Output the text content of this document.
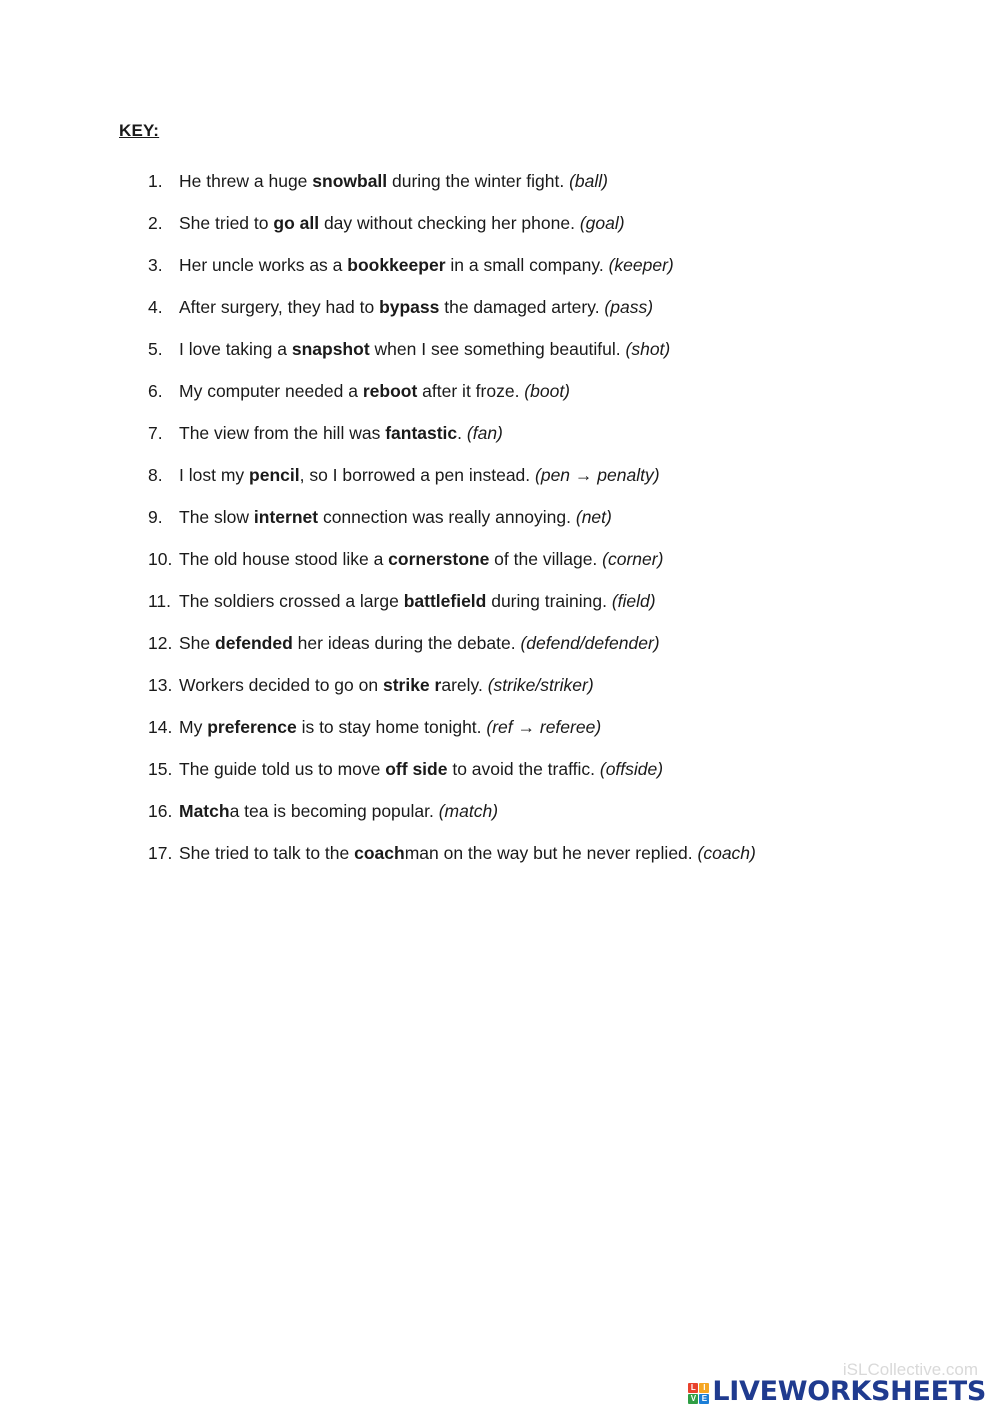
KEY:
1. He threw a huge snowball during the winter fight. (ball)
2. She tried to go all day without checking her phone. (goal)
3. Her uncle works as a bookkeeper in a small company. (keeper)
4. After surgery, they had to bypass the damaged artery. (pass)
5. I love taking a snapshot when I see something beautiful. (shot)
6. My computer needed a reboot after it froze. (boot)
7. The view from the hill was fantastic. (fan)
8. I lost my pencil, so I borrowed a pen instead. (pen → penalty)
9. The slow internet connection was really annoying. (net)
10. The old house stood like a cornerstone of the village. (corner)
11. The soldiers crossed a large battlefield during training. (field)
12. She defended her ideas during the debate. (defend/defender)
13. Workers decided to go on strike rarely. (strike/striker)
14. My preference is to stay home tonight. (ref → referee)
15. The guide told us to move off side to avoid the traffic. (offside)
16. Matcha tea is becoming popular. (match)
17. She tried to talk to the coachman on the way but he never replied. (coach)
iSLCollective.com
L I
V E LIVEWORKSHEETS
